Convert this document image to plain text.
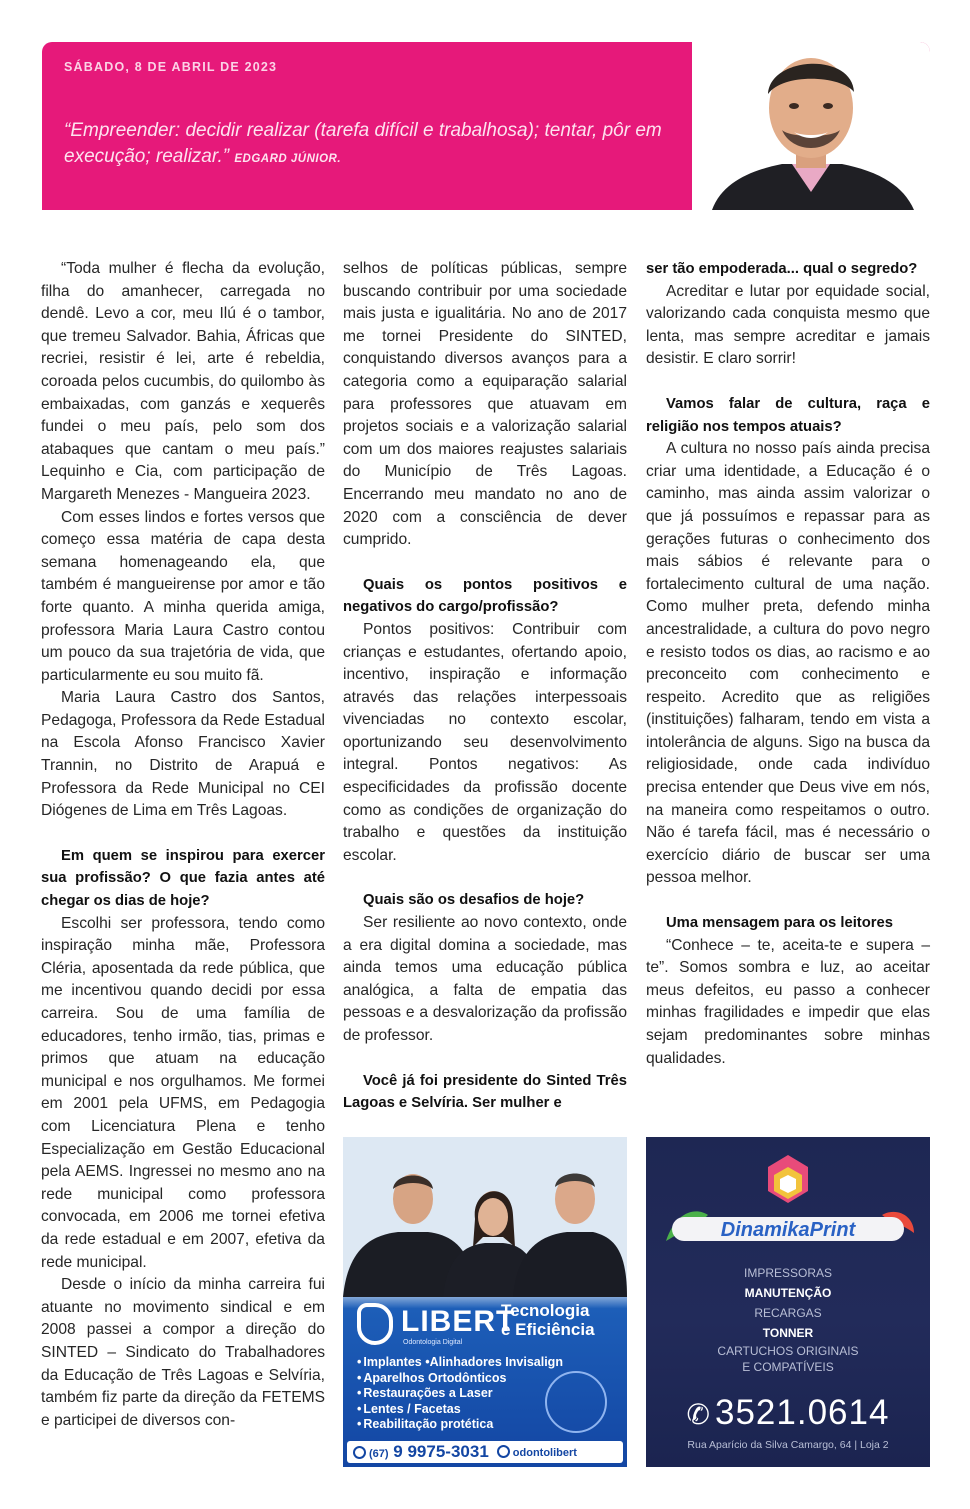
SÁBADO, 8 DE ABRIL DE 2023
“Empreender: decidir realizar (tarefa difícil e trabalhosa); tentar, pôr em execução; realizar.” EDGARD JÚNIOR.

“Toda mulher é flecha da evolução, filha do amanhecer, carregada no dendê. Levo a cor, meu Ilú é o tambor, que tremeu Salvador. Bahia, Áfricas que recriei, resistir é lei, arte é rebeldia, coroada pelos cucumbis, do quilombo às embaixadas, com ganzás e xequerês fundei o meu país, pelo som dos atabaques que cantam o meu país.” Lequinho e Cia, com participação de Margareth Menezes - Mangueira 2023.

Com esses lindos e fortes versos que começo essa matéria de capa desta semana homenageando ela, que também é mangueirense por amor e tão forte quanto. A minha querida amiga, professora Maria Laura Castro contou um pouco da sua trajetória de vida, que particularmente eu sou muito fã.

Maria Laura Castro dos Santos, Pedagoga, Professora da Rede Estadual na Escola Afonso Francisco Xavier Trannin, no Distrito de Arapuá e Professora da Rede Municipal no CEI Diógenes de Lima em Três Lagoas.

Em quem se inspirou para exercer sua profissão? O que fazia antes até chegar os dias de hoje?

Escolhi ser professora, tendo como inspiração minha mãe, Professora Cléria, aposentada da rede pública, que me incentivou quando decidi por essa carreira. Sou de uma família de educadores, tenho irmão, tias, primas e primos que atuam na educação municipal e nos orgulhamos. Me formei em 2001 pela UFMS, em Pedagogia com Licenciatura Plena e tenho Especialização em Gestão Educacional pela AEMS. Ingressei no mesmo ano na rede municipal como professora convocada, em 2006 me tornei efetiva da rede estadual e em 2007, efetiva da rede municipal.

Desde o início da minha carreira fui atuante no movimento sindical e em 2008 passei a compor a direção do SINTED – Sindicato do Trabalhadores da Educação de Três Lagoas e Selvíria, também fiz parte da direção da FETEMS e participei de diversos con-

selhos de políticas públicas, sempre buscando contribuir por uma sociedade mais justa e igualitária. No ano de 2017 me tornei Presidente do SINTED, conquistando diversos avanços para a categoria como a equiparação salarial para professores que atuavam em projetos sociais e a valorização salarial com um dos maiores reajustes salariais do Município de Três Lagoas. Encerrando meu mandato no ano de 2020 com a consciência de dever cumprido.

Quais os pontos positivos e negativos do cargo/profissão?

Pontos positivos: Contribuir com crianças e estudantes, ofertando apoio, incentivo, inspiração e informação através das relações interpessoais vivenciadas no contexto escolar, oportunizando seu desenvolvimento integral. Pontos negativos: As especificidades da profissão docente como as condições de organização do trabalho e questões da instituição escolar.

Quais são os desafios de hoje?

Ser resiliente ao novo contexto, onde a era digital domina a sociedade, mas ainda temos uma educação pública analógica, a falta de empatia das pessoas e a desvalorização da profissão de professor.

Você já foi presidente do Sinted Três Lagoas e Selvíria. Ser mulher e
ser tão empoderada... qual o segredo?

Acreditar e lutar por equidade social, valorizando cada conquista mesmo que lenta, mas sempre acreditar e jamais desistir. E claro sorrir!

Vamos falar de cultura, raça e religião nos tempos atuais?

A cultura no nosso país ainda precisa criar uma identidade, a Educação é o caminho, mas ainda assim valorizar o que já possuímos e repassar para as gerações futuras o conhecimento dos mais sábios é relevante para o fortalecimento cultural de uma nação. Como mulher preta, defendo minha ancestralidade, a cultura do povo negro e resisto todos os dias, ao racismo e ao preconceito com conhecimento e respeito. Acredito que as religiões (instituições) falharam, tendo em vista a intolerância de alguns. Sigo na busca da religiosidade, onde cada indivíduo precisa entender que Deus vive em nós, na maneira como respeitamos o outro. Não é tarefa fácil, mas é necessário o exercício diário de buscar ser uma pessoa melhor.

Uma mensagem para os leitores

“Conhece – te, aceita-te e supera – te”. Somos sombra e luz, ao aceitar meus defeitos, eu passo a conhecer minhas fragilidades e impedir que elas sejam predominantes sobre minhas qualidades.

LIBERT
Odontologia Digital
Tecnologia
e Eficiência
• Implantes •Alinhadores Invisalign
• Aparelhos Ortodônticos
• Restaurações a Laser
• Lentes / Facetas
• Reabilitação protética
(67) 9 9975-3031	odontolibert
DinamikaPrint
IMPRESSORAS
MANUTENÇÃO
RECARGAS
TONNER
CARTUCHOS ORIGINAIS
E COMPATÍVEIS
✆ 3521.0614
Rua Aparício da Silva Camargo, 64 | Loja 2
